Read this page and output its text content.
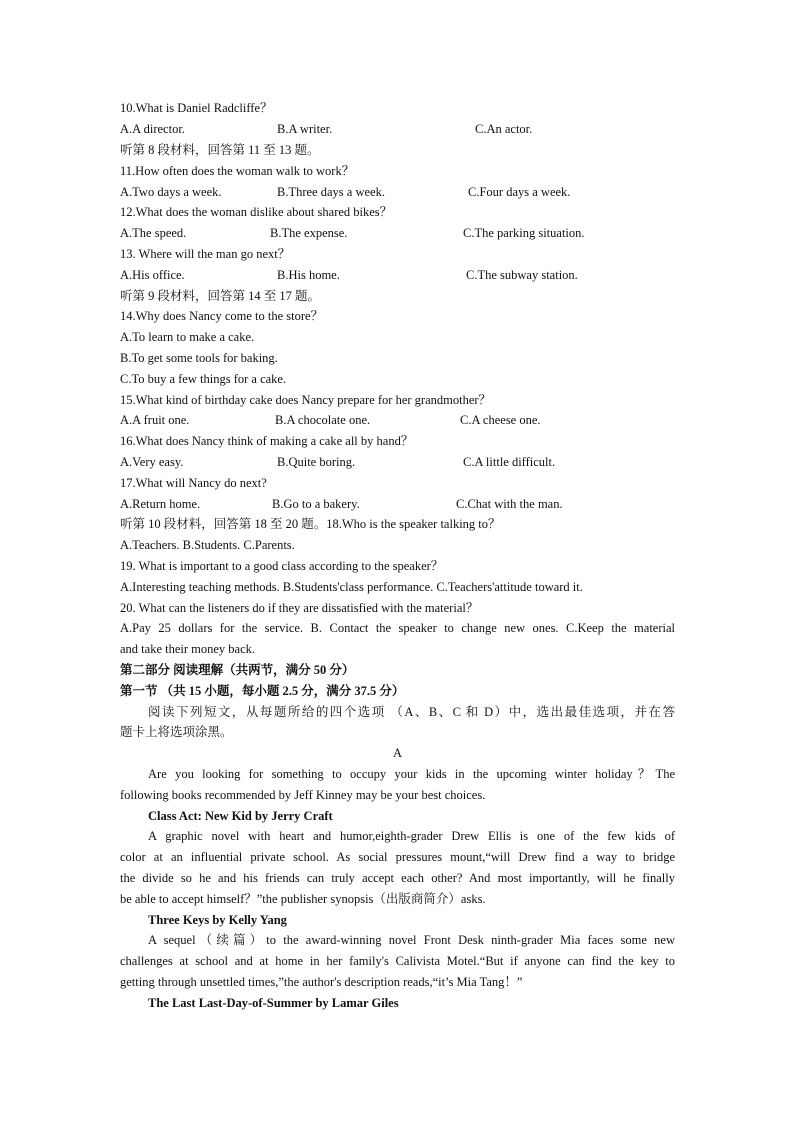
10.What is Daniel Radcliffe？
A.A director.	B.A writer.	C.An actor.
听第 8 段材料，回答第 11 至 13 题。
11.How often does the woman walk to work？
A.Two days a week.	B.Three days a week.	C.Four days a week.
12.What does the woman dislike about shared bikes？
A.The speed.	B.The expense.	C.The parking situation.
13. Where will the man go next？
A.His office.	B.His home.	C.The subway station.
听第 9 段材料，回答第 14 至 17 题。
14.Why does Nancy come to the store？
A.To learn to make a cake.
B.To get some tools for baking.
C.To buy a few things for a cake.
15.What kind of birthday cake does Nancy prepare for her grandmother？
A.A fruit one.	B.A chocolate one.	C.A cheese one.
16.What does Nancy think of making a cake all by hand？
A.Very easy.	B.Quite boring.	C.A little difficult.
17.What will Nancy do next?
A.Return home.	B.Go to a bakery.	C.Chat with the man.
听第 10 段材料，回答第 18 至 20 题。18.Who is the speaker talking to？
A.Teachers. B.Students. C.Parents.
19. What is important to a good class according to the speaker？
A.Interesting teaching methods. B.Students'class performance. C.Teachers'attitude toward it.
20. What can the listeners do if they are dissatisfied with the material？
A.Pay 25 dollars for the service. B. Contact the speaker to change new ones. C.Keep the material
and take their money back.
第二部分 阅读理解（共两节，满分 50 分）
第一节 （共 15 小题，每小题 2.5 分，满分 37.5 分）
阅读下列短文，从每题所给的四个选项 （A、B、C 和 D）中，选出最佳选项，并在答
题卡上将选项涂黑。
A
Are you looking for something to occupy your kids in the upcoming winter holiday？The
following books recommended by Jeff Kinney may be your best choices.
Class Act: New Kid by Jerry Craft
A graphic novel with heart and humor,eighth-grader Drew Ellis is one of the few kids of
color at an influential private school. As social pressures mount,“will Drew find a way to bridge
the divide so he and his friends can truly accept each other? And most importantly, will he finally
be able to accept himself？”the publisher synopsis（出版商简介）asks.
Three Keys by Kelly Yang
A sequel（续篇）to the award-winning novel Front Desk ninth-grader Mia faces some new
challenges at school and at home in her family's Calivista Motel.“But if anyone can find the key to
getting through unsettled times,”the author's description reads,“it’s Mia Tang！”
The Last Last-Day-of-Summer by Lamar Giles
